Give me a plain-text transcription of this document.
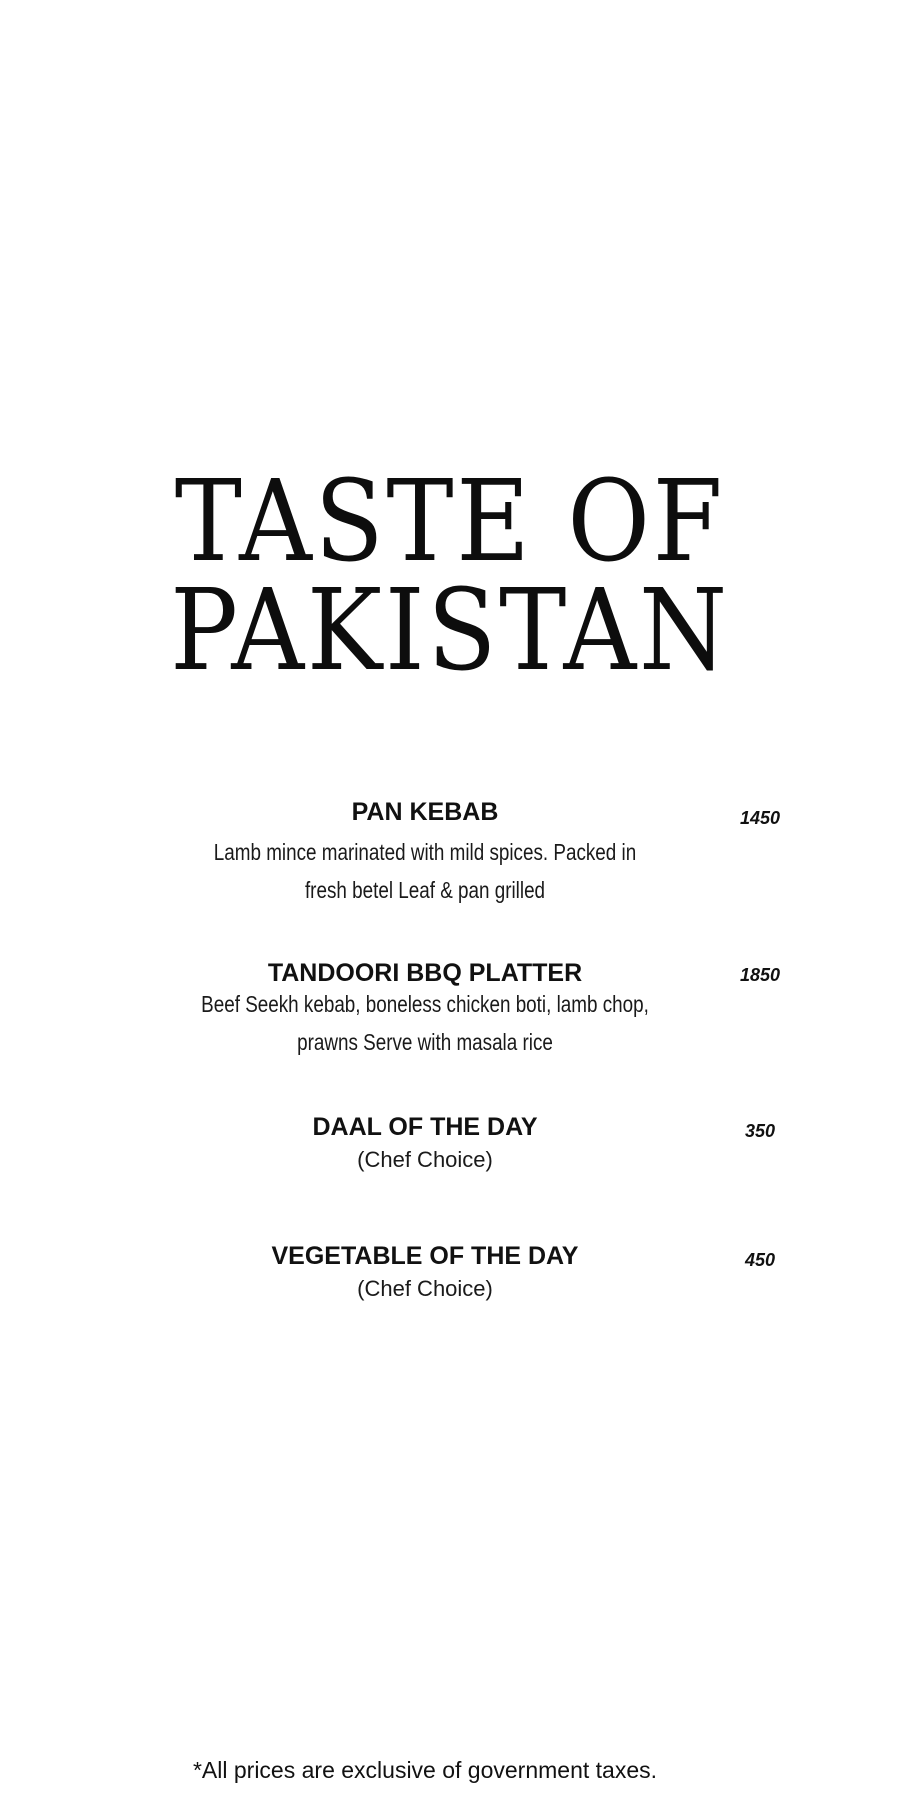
TASTE OF
PAKISTAN
PAN KEBAB	1450
Lamb mince marinated with mild spices. Packed in
fresh betel Leaf & pan grilled
TANDOORI BBQ PLATTER	1850
Beef Seekh kebab, boneless chicken boti, lamb chop,
prawns Serve with masala rice
DAAL OF THE DAY	350
(Chef Choice)
VEGETABLE OF THE DAY	450
(Chef Choice)
*All prices are exclusive of government taxes.
